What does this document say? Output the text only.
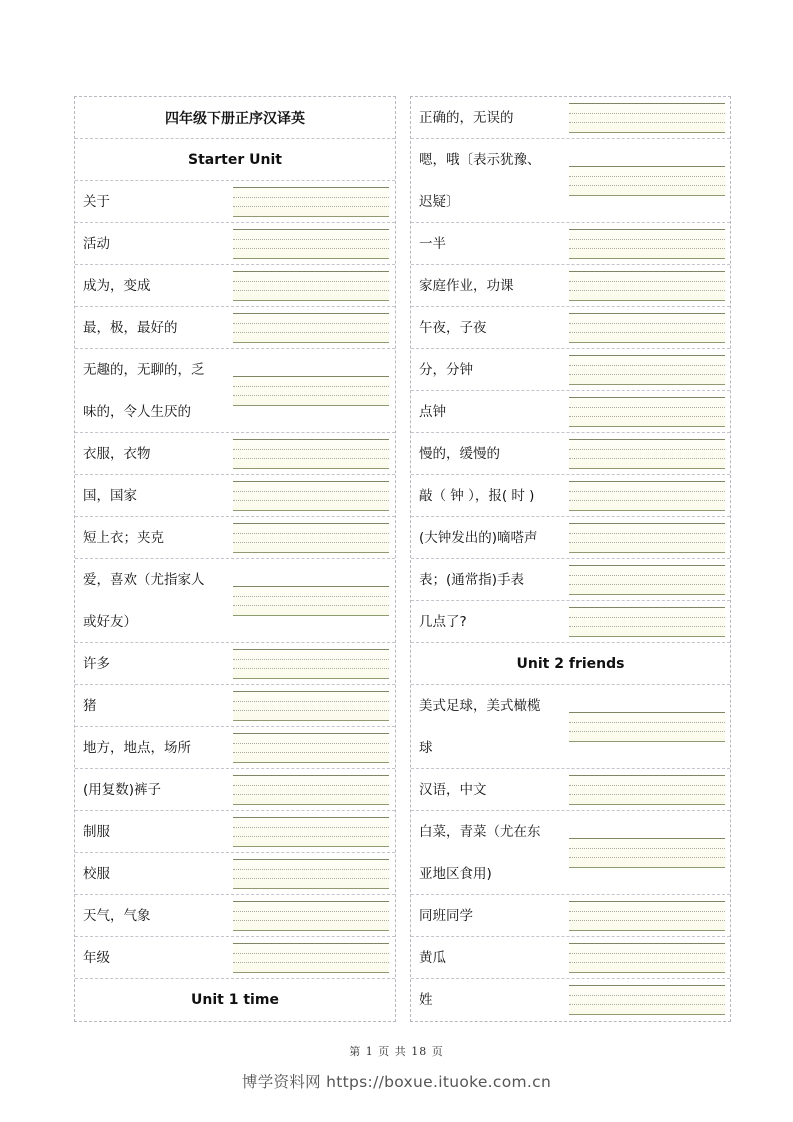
四年级下册正序汉译英
Starter Unit
关于
活动
成为，变成
最，极，最好的
无趣的，无聊的，乏
味的，令人生厌的
衣服，衣物
国，国家
短上衣；夹克
爱，喜欢（尤指家人
或好友）
许多
猪
地方，地点，场所
(用复数)裤子
制服
校服
天气，气象
年级
Unit 1 time
正确的，无误的
嗯，哦〔表示犹豫、
迟疑〕
一半
家庭作业，功课
午夜，子夜
分，分钟
点钟
慢的，缓慢的
敲（ 钟 ），报( 时 )
(大钟发出的)嘀嗒声
表；(通常指)手表
几点了?
Unit 2 friends
美式足球，美式橄榄
球
汉语，中文
白菜，青菜（尤在东
亚地区食用)
同班同学
黄瓜
姓
第 1 页 共 18 页
博学资料网 https://boxue.ituoke.com.cn
